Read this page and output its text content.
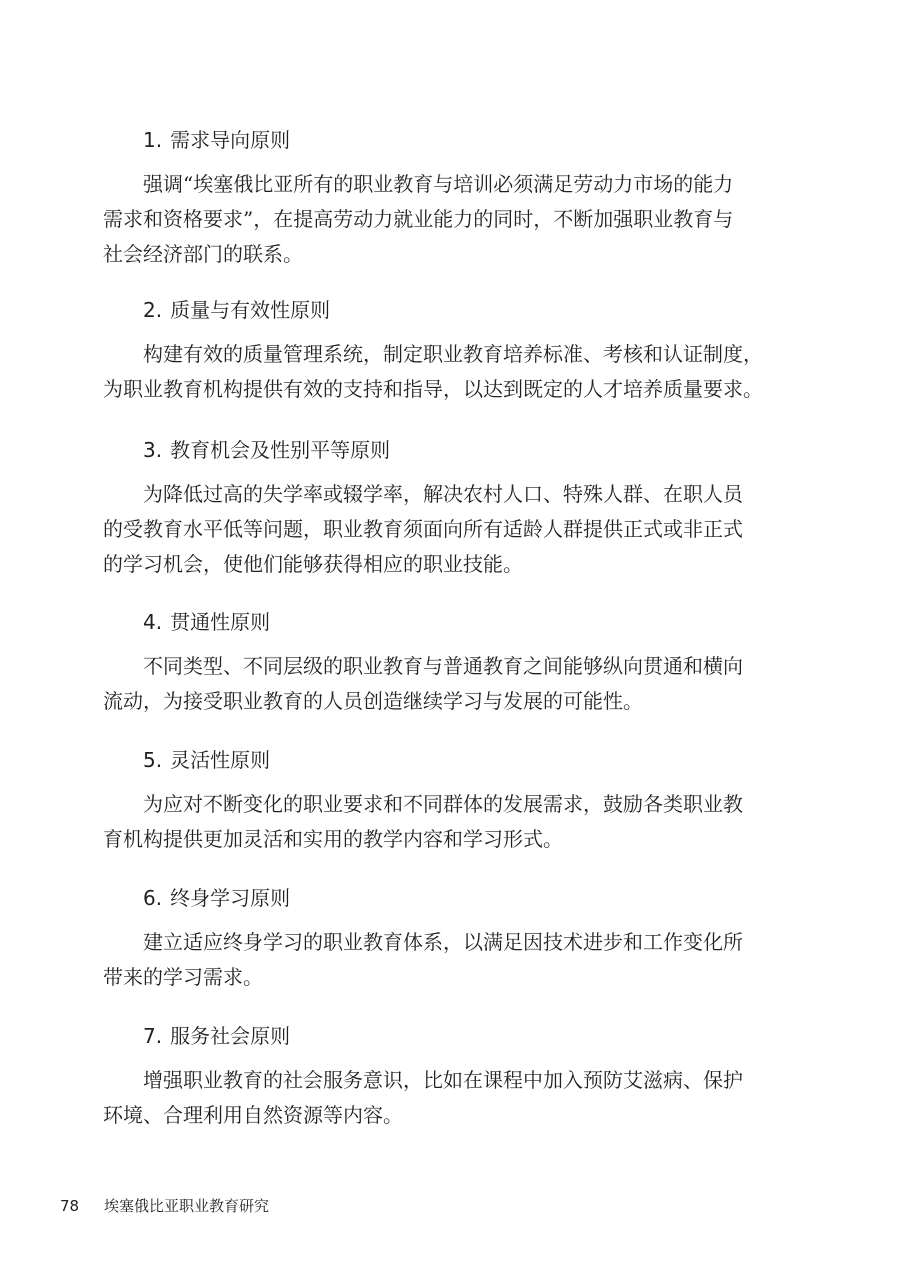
1. 需求导向原则
强调“埃塞俄比亚所有的职业教育与培训必须满足劳动力市场的能力
需求和资格要求”，在提高劳动力就业能力的同时，不断加强职业教育与
社会经济部门的联系。
2. 质量与有效性原则
构建有效的质量管理系统，制定职业教育培养标准、考核和认证制度，
为职业教育机构提供有效的支持和指导，以达到既定的人才培养质量要求。
3. 教育机会及性别平等原则
为降低过高的失学率或辍学率，解决农村人口、特殊人群、在职人员
的受教育水平低等问题，职业教育须面向所有适龄人群提供正式或非正式
的学习机会，使他们能够获得相应的职业技能。
4. 贯通性原则
不同类型、不同层级的职业教育与普通教育之间能够纵向贯通和横向
流动，为接受职业教育的人员创造继续学习与发展的可能性。
5. 灵活性原则
为应对不断变化的职业要求和不同群体的发展需求，鼓励各类职业教
育机构提供更加灵活和实用的教学内容和学习形式。
6. 终身学习原则
建立适应终身学习的职业教育体系，以满足因技术进步和工作变化所
带来的学习需求。
7. 服务社会原则
增强职业教育的社会服务意识，比如在课程中加入预防艾滋病、保护
环境、合理利用自然资源等内容。
78 埃塞俄比亚职业教育研究
